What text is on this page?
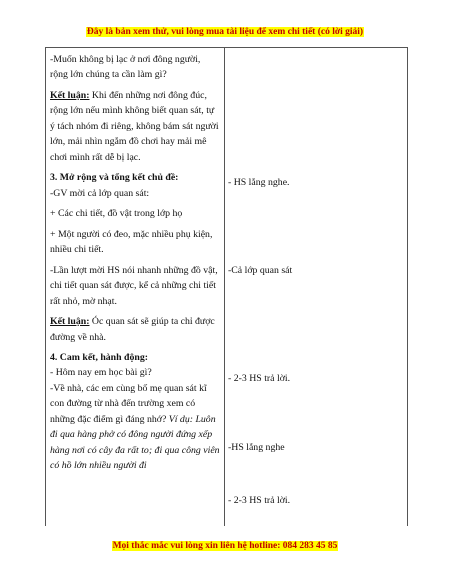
Đây là bản xem thử, vui lòng mua tài liệu để xem chi tiết (có lời giải)

-Muốn không bị lạc ở nơi đông người, rộng lớn chúng ta cần làm gì?

Kết luận: Khi đến những nơi đông đúc, rộng lớn nếu mình không biết quan sát, tự ý tách nhóm đi riêng, không bám sát người lớn, mải nhìn ngắm đồ chơi hay mải mê chơi mình rất dễ bị lạc.

3. Mở rộng và tổng kết chủ đề:

-GV mời cả lớp quan sát:

+ Các chi tiết, đồ vật trong lớp họ

+ Một người có đeo, mặc nhiều phụ kiện, nhiều chi tiết.

-Lần lượt mời HS nói nhanh những đồ vật, chi tiết quan sát được, kể cả những chi tiết rất nhỏ, mờ nhạt.

Kết luận: Óc quan sát sẽ giúp ta chỉ được đường về nhà.

4. Cam kết, hành động:

- Hôm nay em học bài gì?

-Về nhà, các em cùng bố mẹ quan sát kĩ con đường từ nhà đến trường xem có những đặc điểm gì đáng nhớ? Ví dụ: Luôn đi qua hàng phở có đông người đứng xếp hàng nơi có cây đa rất to; đi qua công viên có hồ lớn nhiều người đi

- HS lắng nghe.
-Cả lớp quan sát
- 2-3 HS trả lời.
-HS lắng nghe
- 2-3 HS trả lời.
Mọi thắc mắc vui lòng xin liên hệ hotline: 084 283 45 85
